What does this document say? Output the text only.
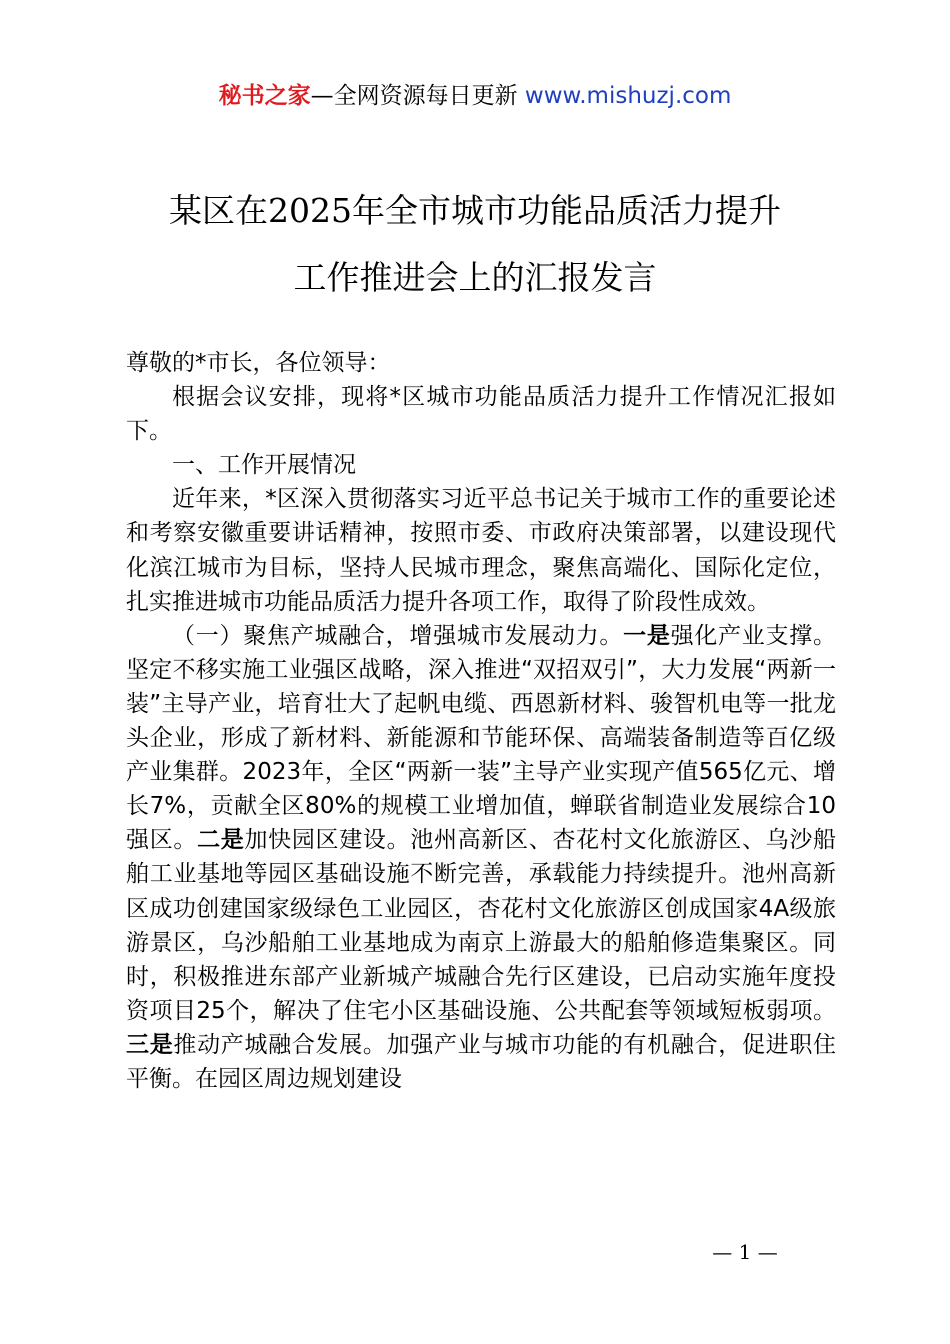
秘书之家—全网资源每日更新 www.mishuzj.com
某区在2025年全市城市功能品质活力提升
工作推进会上的汇报发言

尊敬的*市长，各位领导：

根据会议安排，现将*区城市功能品质活力提升工作情况汇报如下。

一、工作开展情况

近年来，*区深入贯彻落实习近平总书记关于城市工作的重要论述和考察安徽重要讲话精神，按照市委、市政府决策部署，以建设现代化滨江城市为目标，坚持人民城市理念，聚焦高端化、国际化定位，扎实推进城市功能品质活力提升各项工作，取得了阶段性成效。

（一）聚焦产城融合，增强城市发展动力。一是强化产业支撑。坚定不移实施工业强区战略，深入推进“双招双引”，大力发展“两新一装”主导产业，培育壮大了起帆电缆、西恩新材料、骏智机电等一批龙头企业，形成了新材料、新能源和节能环保、高端装备制造等百亿级产业集群。2023年，全区“两新一装”主导产业实现产值565亿元、增长7%，贡献全区80%的规模工业增加值，蝉联省制造业发展综合10强区。二是加快园区建设。池州高新区、杏花村文化旅游区、乌沙船舶工业基地等园区基础设施不断完善，承载能力持续提升。池州高新区成功创建国家级绿色工业园区，杏花村文化旅游区创成国家4A级旅游景区，乌沙船舶工业基地成为南京上游最大的船舶修造集聚区。同时，积极推进东部产业新城产城融合先行区建设，已启动实施年度投资项目25个，解决了住宅小区基础设施、公共配套等领域短板弱项。三是推动产城融合发展。加强产业与城市功能的有机融合，促进职住平衡。在园区周边规划建设

— 1 —
